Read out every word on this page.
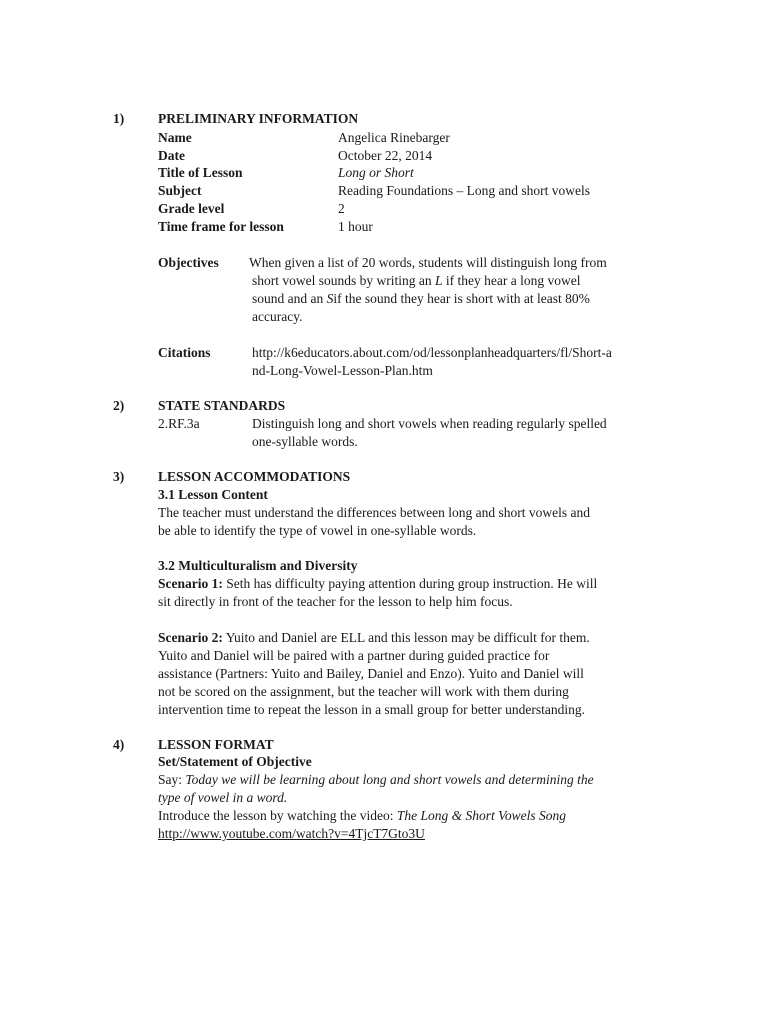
1)	PRELIMINARY INFORMATION
Name	Angelica Rinebarger
Date	October 22, 2014
Title of Lesson	Long or Short
Subject	Reading Foundations – Long and short vowels
Grade level	2
Time frame for lesson	1 hour
Objectives When given a list of 20 words, students will distinguish long from
short vowel sounds by writing an L if they hear a long vowel
sound and an Sif the sound they hear is short with at least 80%
accuracy.
Citations	http://k6educators.about.com/od/lessonplanheadquarters/fl/Short-a
nd-Long-Vowel-Lesson-Plan.htm
2)	STATE STANDARDS
2.RF.3a	Distinguish long and short vowels when reading regularly spelled
one-syllable words.
3)	LESSON ACCOMMODATIONS
3.1 Lesson Content
The teacher must understand the differences between long and short vowels and
be able to identify the type of vowel in one-syllable words.
3.2 Multiculturalism and Diversity
Scenario 1: Seth has difficulty paying attention during group instruction. He will
sit directly in front of the teacher for the lesson to help him focus.
Scenario 2: Yuito and Daniel are ELL and this lesson may be difficult for them.
Yuito and Daniel will be paired with a partner during guided practice for
assistance (Partners: Yuito and Bailey, Daniel and Enzo). Yuito and Daniel will
not be scored on the assignment, but the teacher will work with them during
intervention time to repeat the lesson in a small group for better understanding.
4)	LESSON FORMAT
Set/Statement of Objective
Say: Today we will be learning about long and short vowels and determining the
type of vowel in a word.
Introduce the lesson by watching the video: The Long & Short Vowels Song
http://www.youtube.com/watch?v=4TjcT7Gto3U
